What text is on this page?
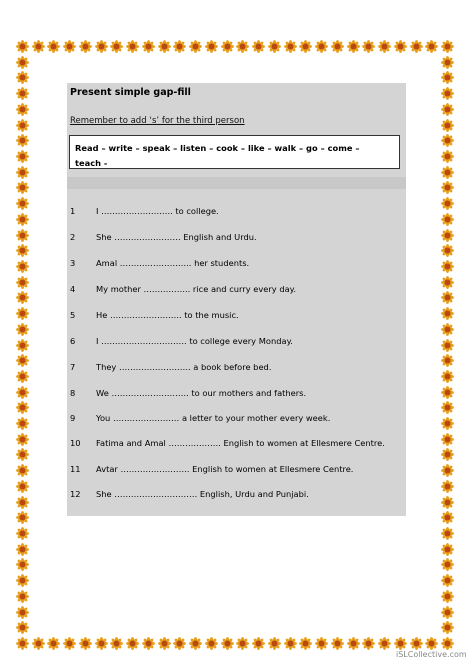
Present simple gap-fill
Remember to add ‘s’ for the third person
Read – write – speak – listen – cook – like – walk – go – come –
teach -
1 I …………………….. to college.
2 She …………………… English and Urdu.
3 Amal …………………….. her students.
4 My mother …………….. rice and curry every day.
5 He …………………….. to the music.
6 I …………………………. to college every Monday.
7 They …………………….. a book before bed.
8 We ………………………. to our mothers and fathers.
9 You …………………… a letter to your mother every week.
10 Fatima and Amal ………………. English to women at Ellesmere Centre.
11 Avtar ……………………. English to women at Ellesmere Centre.
12 She ………………………… English, Urdu and Punjabi.
iSLCollective.com
